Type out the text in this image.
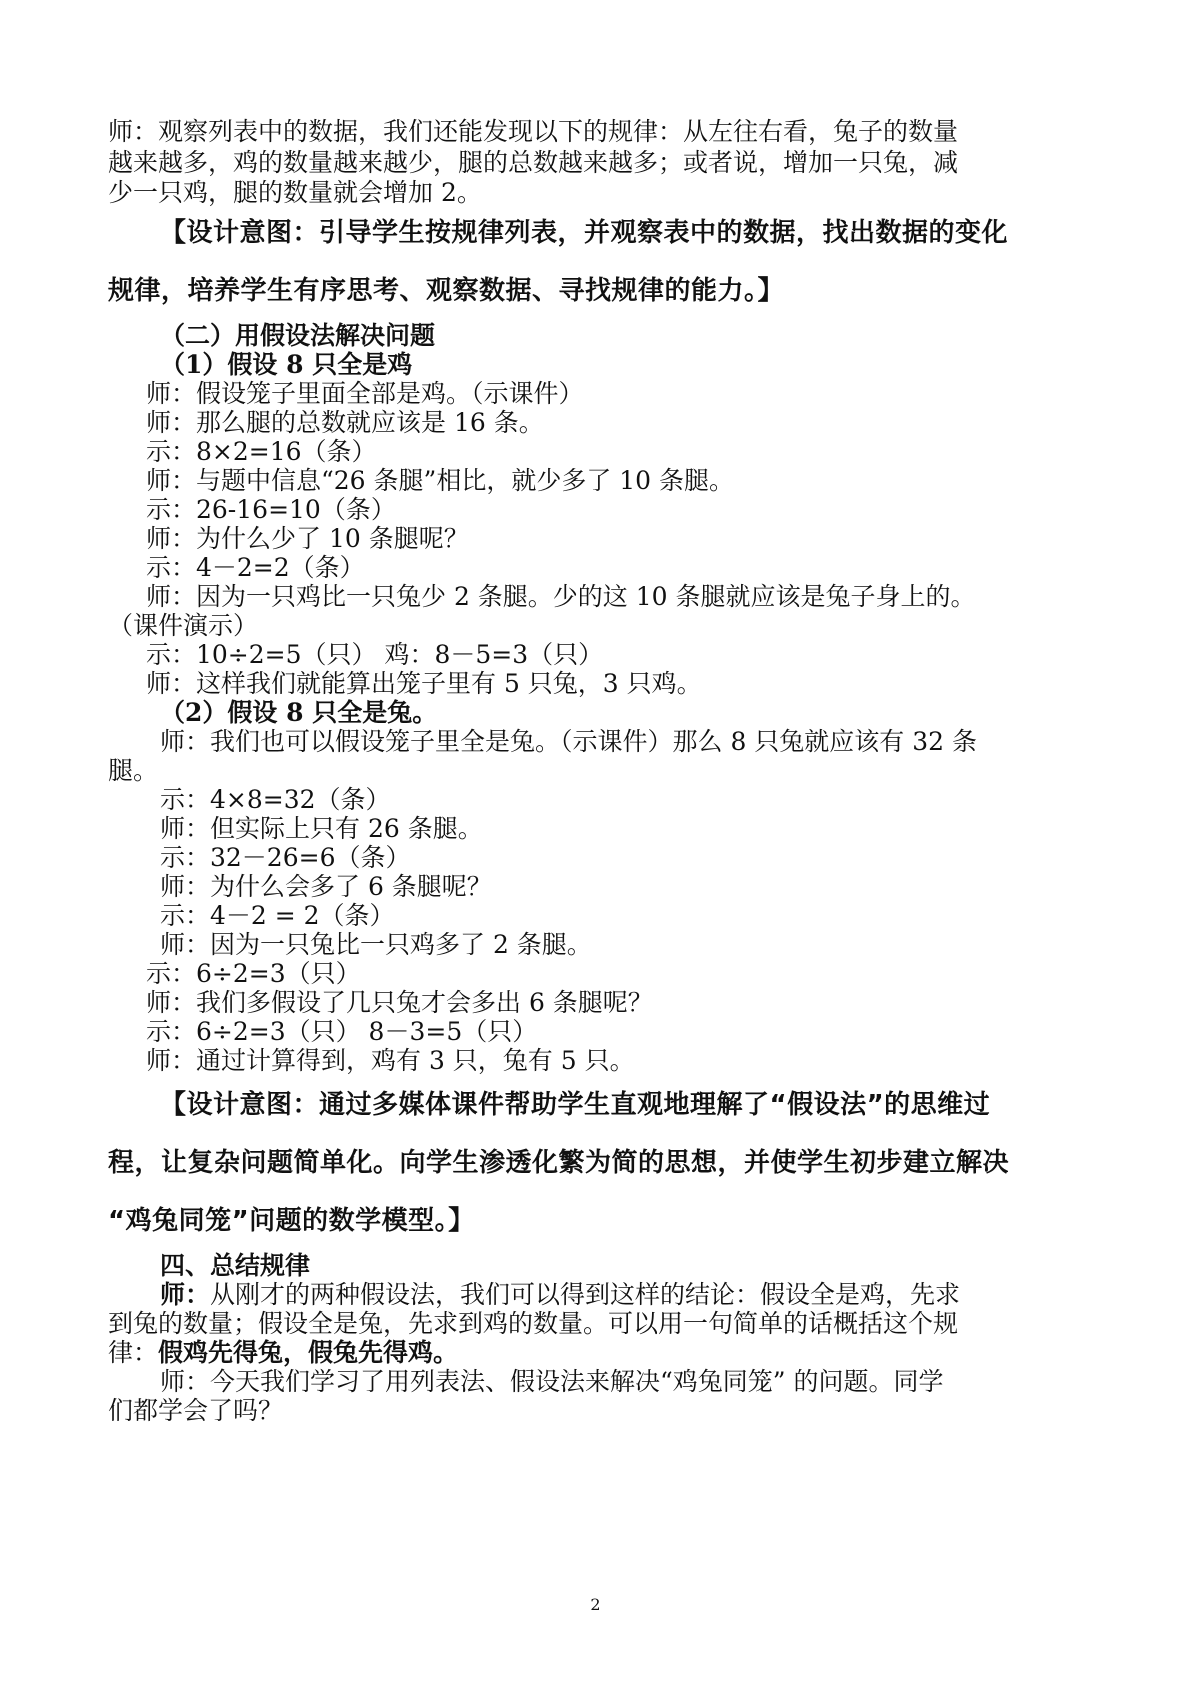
师：观察列表中的数据，我们还能发现以下的规律：从左往右看，兔子的数量
越来越多，鸡的数量越来越少，腿的总数越来越多；或者说，增加一只兔，减
少一只鸡，腿的数量就会增加 2。
【设计意图：引导学生按规律列表，并观察表中的数据，找出数据的变化
规律，培养学生有序思考、观察数据、寻找规律的能力。】
（二）用假设法解决问题
（1）假设 8 只全是鸡
师：假设笼子里面全部是鸡。（示课件）
师：那么腿的总数就应该是 16 条。
示：8×2=16（条）
师：与题中信息“26 条腿”相比，就少多了 10 条腿。
示：26-16=10（条）
师：为什么少了 10 条腿呢？
示：4－2=2（条）
师：因为一只鸡比一只兔少 2 条腿。少的这 10 条腿就应该是兔子身上的。
（课件演示）
示：10÷2=5（只） 鸡：8－5=3（只）
师：这样我们就能算出笼子里有 5 只兔，3 只鸡。
（2）假设 8 只全是兔。
师：我们也可以假设笼子里全是兔。（示课件）那么 8 只兔就应该有 32 条
腿。
示：4×8=32（条）
师：但实际上只有 26 条腿。
示：32－26=6（条）
师：为什么会多了 6 条腿呢？
示：4－2 = 2（条）
师：因为一只兔比一只鸡多了 2 条腿。
示：6÷2=3（只）
师：我们多假设了几只兔才会多出 6 条腿呢？
示：6÷2=3（只） 8－3=5（只）
师：通过计算得到，鸡有 3 只，兔有 5 只。
【设计意图：通过多媒体课件帮助学生直观地理解了“假设法”的思维过
程，让复杂问题简单化。向学生渗透化繁为简的思想，并使学生初步建立解决
“鸡兔同笼”问题的数学模型。】
四、总结规律
师：从刚才的两种假设法，我们可以得到这样的结论：假设全是鸡，先求
到兔的数量；假设全是兔，先求到鸡的数量。可以用一句简单的话概括这个规
律：假鸡先得兔，假兔先得鸡。
师：今天我们学习了用列表法、假设法来解决“鸡兔同笼” 的问题。同学
们都学会了吗？
2
